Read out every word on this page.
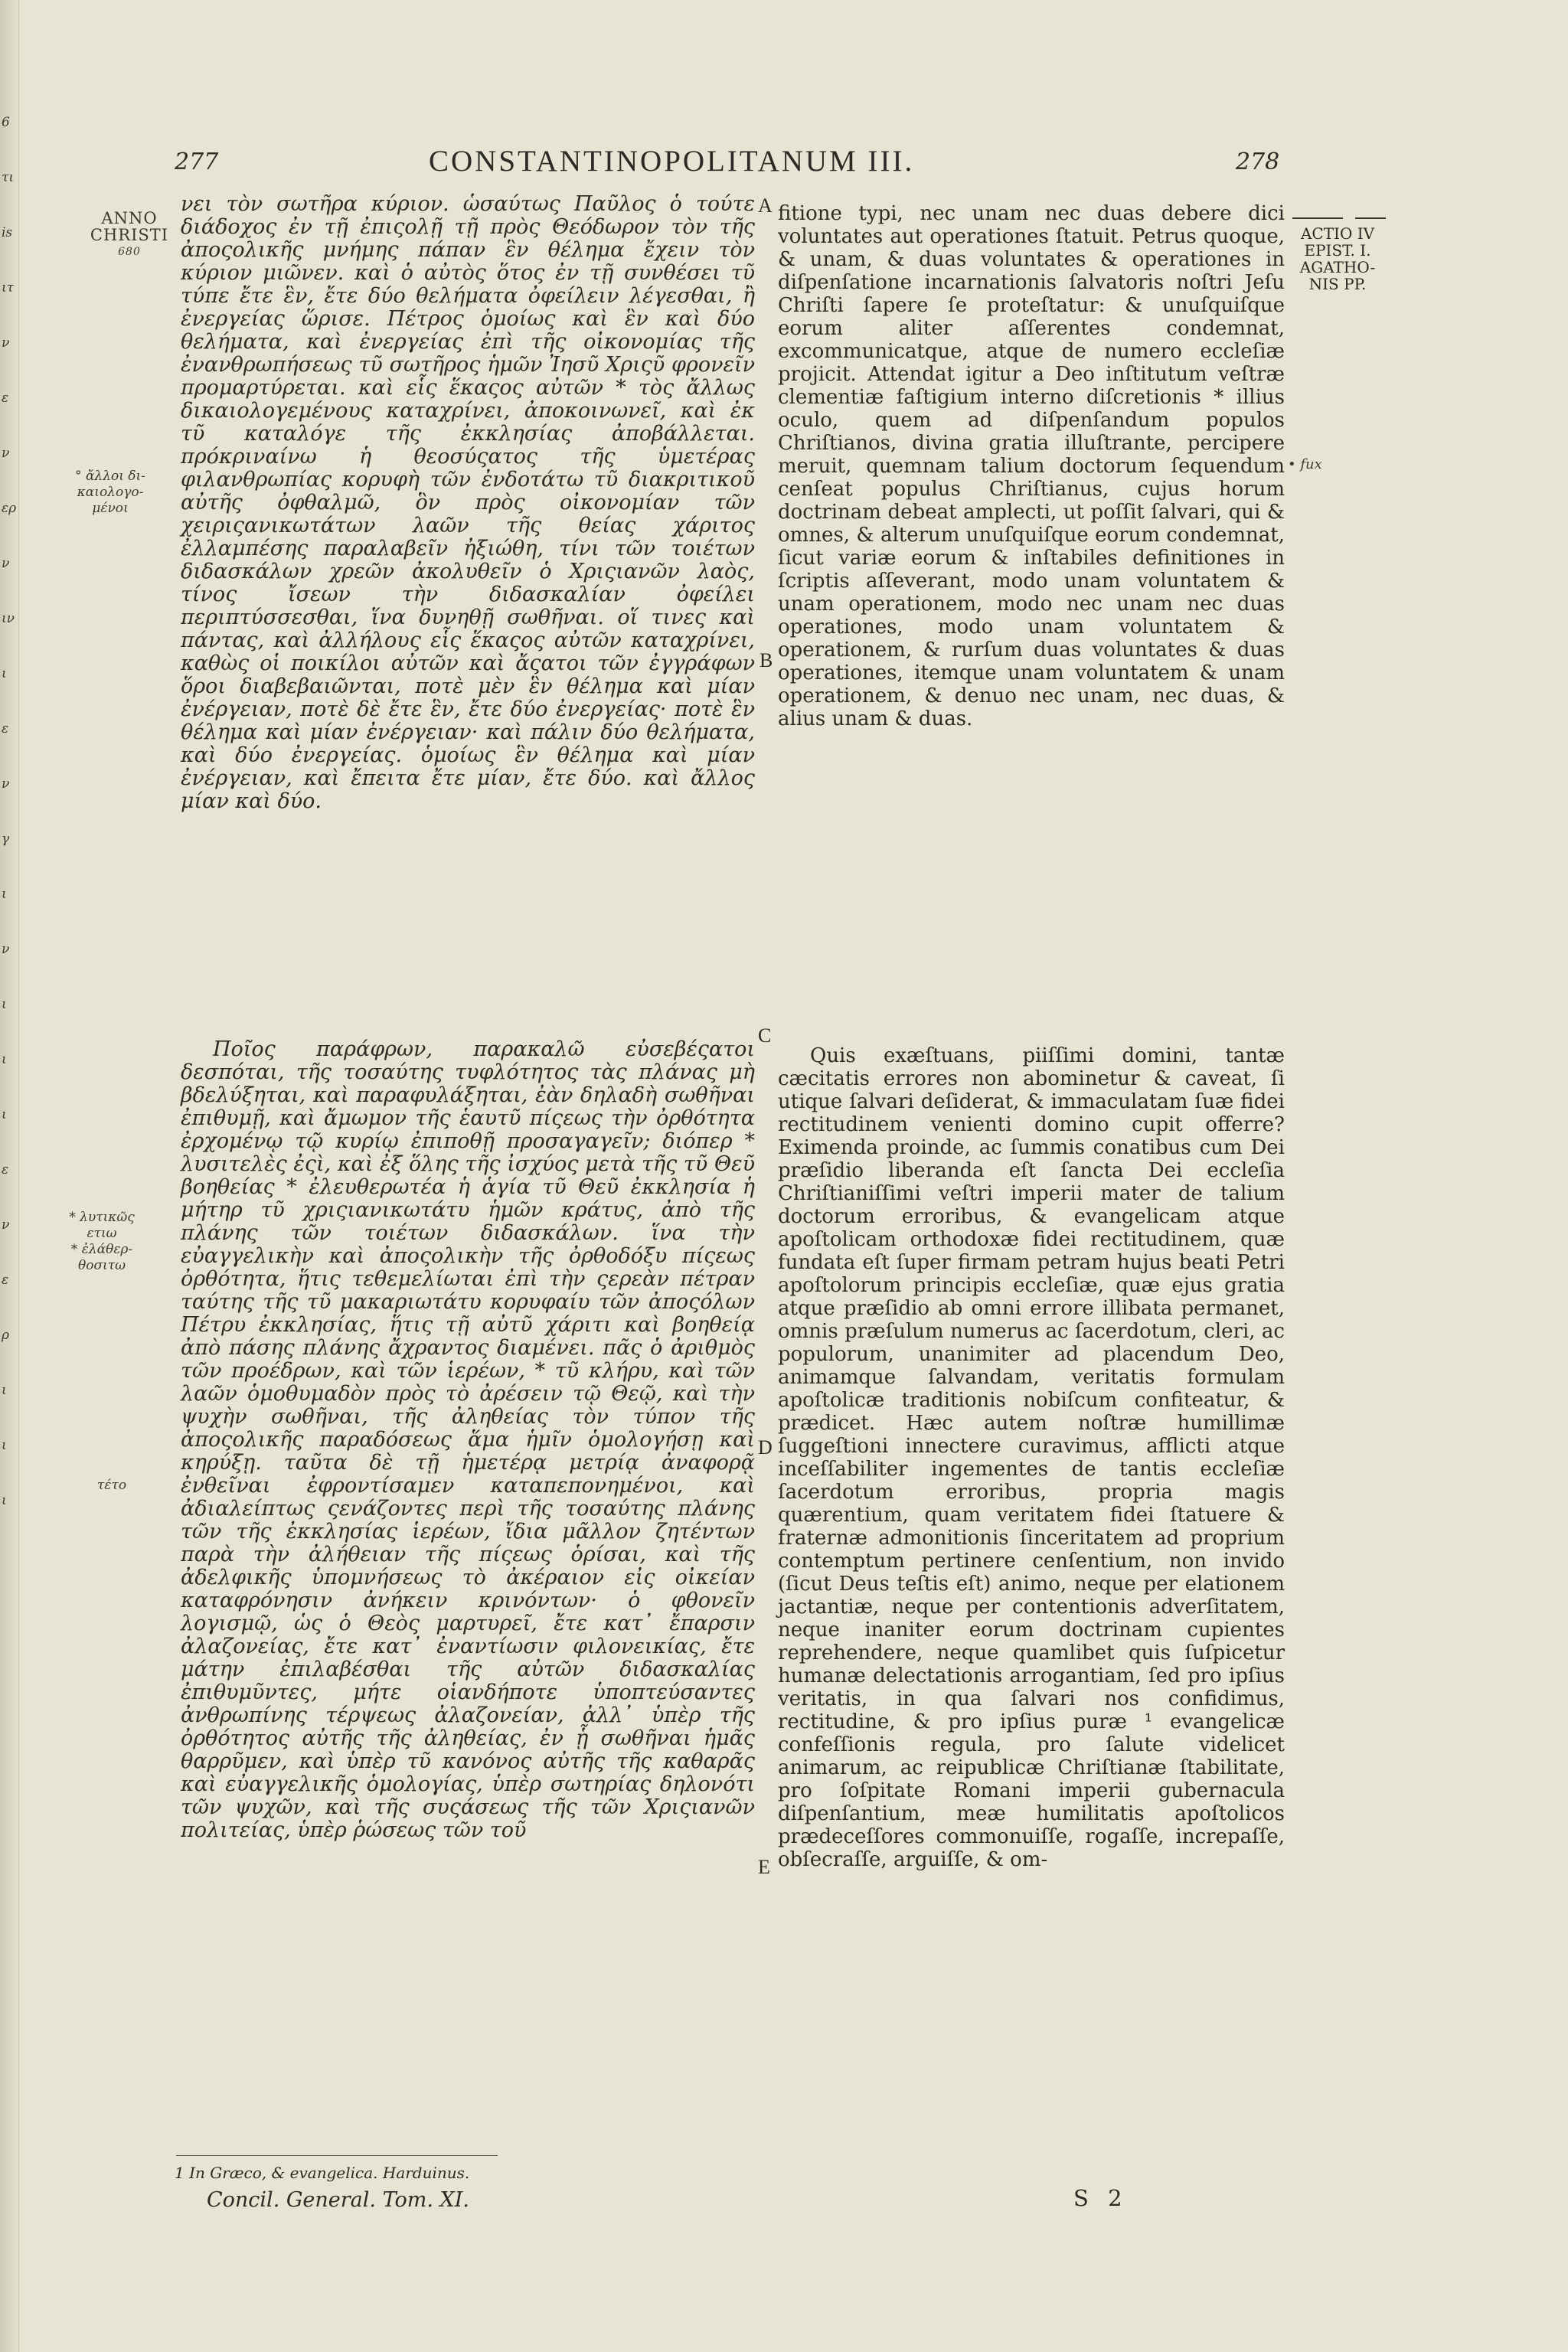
6
τι
is
ιτ
ν
ε
ν
ερ
ν
ιν
ι
ε
ν
γ
ι
ν
ι
ι
ι
ε
ν
ε
ρ
ι
ι
ι
277	CONSTANTINOPOLITANUM III.	278
ANNO
CHRISTI
680
° ἄλλοι δι-
καιολογο-
μένοι
* λυτικῶς
ετιω
* ἐλάθερ-
θοσιτω
τέτο
ACTIO IV
EPIST. I.
AGATHO-
NIS PP.
• fux
A
B
C
D
E

νει τὸν σωτῆρα κύριον. ὡσαύτως Παῦλος ὁ τούτε διάδοχος ἐν τῇ ἐπιςολῇ τῇ πρὸς Θεόδωρον τὸν τῆς ἀποςολικῆς μνήμης πάπαν ἓν θέλημα ἔχειν τὸν κύριον μιῶνεν. καὶ ὁ αὐτὸς ὅτος ἐν τῇ συνθέσει τῦ τύπε ἔτε ἓν, ἔτε δύο θελήματα ὀφείλειν λέγεσθαι, ἢ ἐνεργείας ὥρισε. Πέτρος ὁμοίως καὶ ἓν καὶ δύο θελήματα, καὶ ἐνεργείας ἐπὶ τῆς οἰκονομίας τῆς ἐνανθρωπήσεως τῦ σωτῆρος ἡμῶν Ἰησῦ Χριςῦ φρονεῖν προμαρτύρεται. καὶ εἷς ἕκαςος αὐτῶν * τὸς ἄλλως δικαιολογεμένους καταχρίνει, ἀποκοινωνεῖ, καὶ ἐκ τῦ καταλόγε τῆς ἐκκλησίας ἀποβάλλεται. πρόκριναίνω ἡ θεοσύςατος τῆς ὑμετέρας φιλανθρωπίας κορυφὴ τῶν ἐνδοτάτω τῦ διακριτικοῦ αὐτῆς ὀφθαλμῶ, ὃν πρὸς οἰκονομίαν τῶν χειριςανικωτάτων λαῶν τῆς θείας χάριτος ἐλλαμπέσης παραλαβεῖν ἠξιώθη, τίνι τῶν τοιέτων διδασκάλων χρεῶν ἀκολυθεῖν ὁ Χριςιανῶν λαὸς, τίνος ἴσεων τὴν διδασκαλίαν ὀφείλει περιπτύσσεσθαι, ἵνα δυνηθῇ σωθῆναι. οἵ τινες καὶ πάντας, καὶ ἀλλήλους εἷς ἕκαςος αὐτῶν καταχρίνει, καθὼς οἱ ποικίλοι αὐτῶν καὶ ἄςατοι τῶν ἐγγράφων ὅροι διαβεβαιῶνται, ποτὲ μὲν ἓν θέλημα καὶ μίαν ἐνέργειαν, ποτὲ δὲ ἔτε ἓν, ἔτε δύο ἐνεργείας· ποτὲ ἓν θέλημα καὶ μίαν ἐνέργειαν· καὶ πάλιν δύο θελήματα, καὶ δύο ἐνεργείας. ὁμοίως ἓν θέλημα καὶ μίαν ἐνέργειαν, καὶ ἔπειτα ἔτε μίαν, ἔτε δύο. καὶ ἄλλος μίαν καὶ δύο.

Ποῖος παράφρων, παρακαλῶ εὐσεβέςατοι δεσπόται, τῆς τοσαύτης τυφλότητος τὰς πλάνας μὴ βδελύξηται, καὶ παραφυλάξηται, ἐὰν δηλαδὴ σωθῆναι ἐπιθυμῇ, καὶ ἄμωμον τῆς ἑαυτῦ πίςεως τὴν ὀρθότητα ἐρχομένῳ τῷ κυρίῳ ἐπιποθῇ προσαγαγεῖν; διόπερ * λυσιτελὲς ἐςὶ, καὶ ἐξ ὅλης τῆς ἰσχύος μετὰ τῆς τῦ Θεῦ βοηθείας * ἐλευθερωτέα ἡ ἁγία τῦ Θεῦ ἐκκλησία ἡ μήτηρ τῦ χριςιανικωτάτυ ἡμῶν κράτυς, ἀπὸ τῆς πλάνης τῶν τοιέτων διδασκάλων. ἵνα τὴν εὐαγγελικὴν καὶ ἀποςολικὴν τῆς ὀρθοδόξυ πίςεως ὀρθότητα, ἥτις τεθεμελίωται ἐπὶ τὴν ςερεὰν πέτραν ταύτης τῆς τῦ μακαριωτάτυ κορυφαίυ τῶν ἀποςόλων Πέτρυ ἐκκλησίας, ἥτις τῇ αὐτῦ χάριτι καὶ βοηθείᾳ ἀπὸ πάσης πλάνης ἄχραντος διαμένει. πᾶς ὁ ἀριθμὸς τῶν προέδρων, καὶ τῶν ἱερέων, * τῦ κλήρυ, καὶ τῶν λαῶν ὁμοθυμαδὸν πρὸς τὸ ἀρέσειν τῷ Θεῷ, καὶ τὴν ψυχὴν σωθῆναι, τῆς ἀληθείας τὸν τύπον τῆς ἀποςολικῆς παραδόσεως ἅμα ἡμῖν ὁμολογήσῃ καὶ κηρύξῃ. ταῦτα δὲ τῇ ἡμετέρᾳ μετρίᾳ ἀναφορᾷ ἐνθεῖναι ἐφροντίσαμεν καταπεπονημένοι, καὶ ἀδιαλείπτως ςενάζοντες περὶ τῆς τοσαύτης πλάνης τῶν τῆς ἐκκλησίας ἱερέων, ἴδια μᾶλλον ζητέντων παρὰ τὴν ἀλήθειαν τῆς πίςεως ὁρίσαι, καὶ τῆς ἀδελφικῆς ὑπομνήσεως τὸ ἀκέραιον εἰς οἰκείαν καταφρόνησιν ἀνήκειν κρινόντων· ὁ φθονεῖν λογισμῷ, ὡς ὁ Θεὸς μαρτυρεῖ, ἔτε κατ᾽ ἔπαρσιν ἀλαζονείας, ἔτε κατ᾽ ἐναντίωσιν φιλονεικίας, ἔτε μάτην ἐπιλαβέσθαι τῆς αὐτῶν διδασκαλίας ἐπιθυμῦντες, μήτε οἱανδήποτε ὑποπτεύσαντες ἀνθρωπίνης τέρψεως ἀλαζονείαν, ἀλλ᾽ ὑπὲρ τῆς ὀρθότητος αὐτῆς τῆς ἀληθείας, ἐν ᾗ σωθῆναι ἡμᾶς θαρρῦμεν, καὶ ὑπὲρ τῦ κανόνος αὐτῆς τῆς καθαρᾶς καὶ εὐαγγελικῆς ὁμολογίας, ὑπὲρ σωτηρίας δηλονότι τῶν ψυχῶν, καὶ τῆς συςάσεως τῆς τῶν Χριςιανῶν πολιτείας, ὑπὲρ ῥώσεως τῶν τοῦ

fitione typi, nec unam nec duas debere dici voluntates aut operationes ſtatuit. Petrus quoque, & unam, & duas voluntates & operationes in diſpenſatione incarnationis ſalvatoris noſtri Jeſu Chriſti ſapere ſe proteſtatur: & unuſquiſque eorum aliter aſſerentes condemnat, excommunicatque, atque de numero eccleſiæ projicit. Attendat igitur a Deo inſtitutum veſtræ clementiæ faſtigium interno diſcretionis * illius oculo, quem ad diſpenſandum populos Chriſtianos, divina gratia illuſtrante, percipere meruit, quemnam talium doctorum ſequendum cenſeat populus Chriſtianus, cujus horum doctrinam debeat amplecti, ut poſſit ſalvari, qui & omnes, & alterum unuſquiſque eorum condemnat, ſicut variæ eorum & inſtabiles definitiones in ſcriptis aſſeverant, modo unam voluntatem & unam operationem, modo nec unam nec duas operationes, modo unam voluntatem & operationem, & rurſum duas voluntates & duas operationes, itemque unam voluntatem & unam operationem, & denuo nec unam, nec duas, & alius unam & duas.

Quis exæſtuans, piiſſimi domini, tantæ cæcitatis errores non abominetur & caveat, ſi utique ſalvari deſiderat, & immaculatam ſuæ fidei rectitudinem venienti domino cupit offerre? Eximenda proinde, ac ſummis conatibus cum Dei præſidio liberanda eſt ſancta Dei eccleſia Chriſtianiſſimi veſtri imperii mater de talium doctorum erroribus, & evangelicam atque apoſtolicam orthodoxæ fidei rectitudinem, quæ fundata eſt ſuper firmam petram hujus beati Petri apoſtolorum principis eccleſiæ, quæ ejus gratia atque præſidio ab omni errore illibata permanet, omnis præſulum numerus ac ſacerdotum, cleri, ac populorum, unanimiter ad placendum Deo, animamque ſalvandam, veritatis formulam apoſtolicæ traditionis nobiſcum confiteatur, & prædicet. Hæc autem noſtræ humillimæ ſuggeſtioni innectere curavimus, afflicti atque inceſſabiliter ingementes de tantis eccleſiæ ſacerdotum erroribus, propria magis quærentium, quam veritatem fidei ſtatuere & fraternæ admonitionis ſinceritatem ad proprium contemptum pertinere cenſentium, non invido (ſicut Deus teſtis eſt) animo, neque per elationem jactantiæ, neque per contentionis adverſitatem, neque inaniter eorum doctrinam cupientes reprehendere, neque quamlibet quis ſuſpicetur humanæ delectationis arrogantiam, ſed pro ipſius veritatis, in qua ſalvari nos confidimus, rectitudine, & pro ipſius puræ ¹ evangelicæ confeſſionis regula, pro ſalute videlicet animarum, ac reipublicæ Chriſtianæ ſtabilitate, pro ſoſpitate Romani imperii gubernacula diſpenſantium, meæ humilitatis apoſtolicos prædeceſſores commonuiſſe, rogaſſe, increpaſſe, obſecraſſe, arguiſſe, & om-

1 In Græco, & evangelica. Harduinus.
Concil. General. Tom. XI.	S 2
